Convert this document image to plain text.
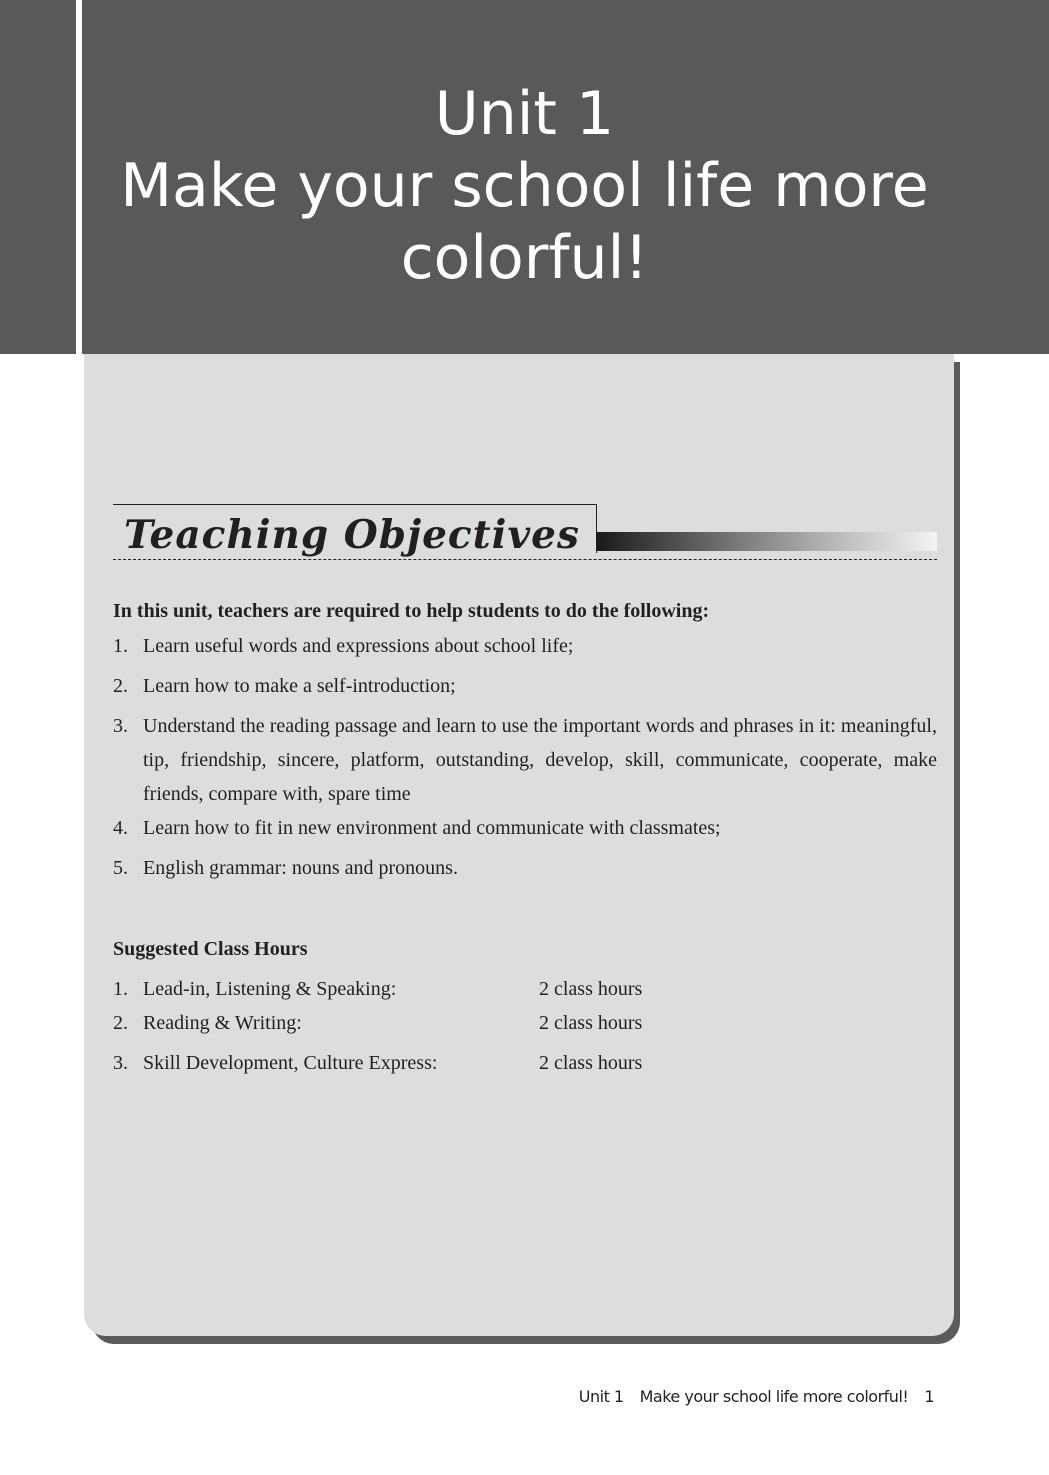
Unit 1
Make your school life more
colorful!
Teaching Objectives
In this unit, teachers are required to help students to do the following:
1. Learn useful words and expressions about school life;
2. Learn how to make a self-introduction;
3. Understand the reading passage and learn to use the important words and phrases in it: meaningful, tip, friendship, sincere, platform, outstanding, develop, skill, communicate, cooperate, make friends, compare with, spare time
4. Learn how to fit in new environment and communicate with classmates;
5. English grammar: nouns and pronouns.
Suggested Class Hours
1. Lead-in, Listening & Speaking:	2 class hours
2. Reading & Writing:	2 class hours
3. Skill Development, Culture Express:	2 class hours
Unit 1 Make your school life more colorful! 1
